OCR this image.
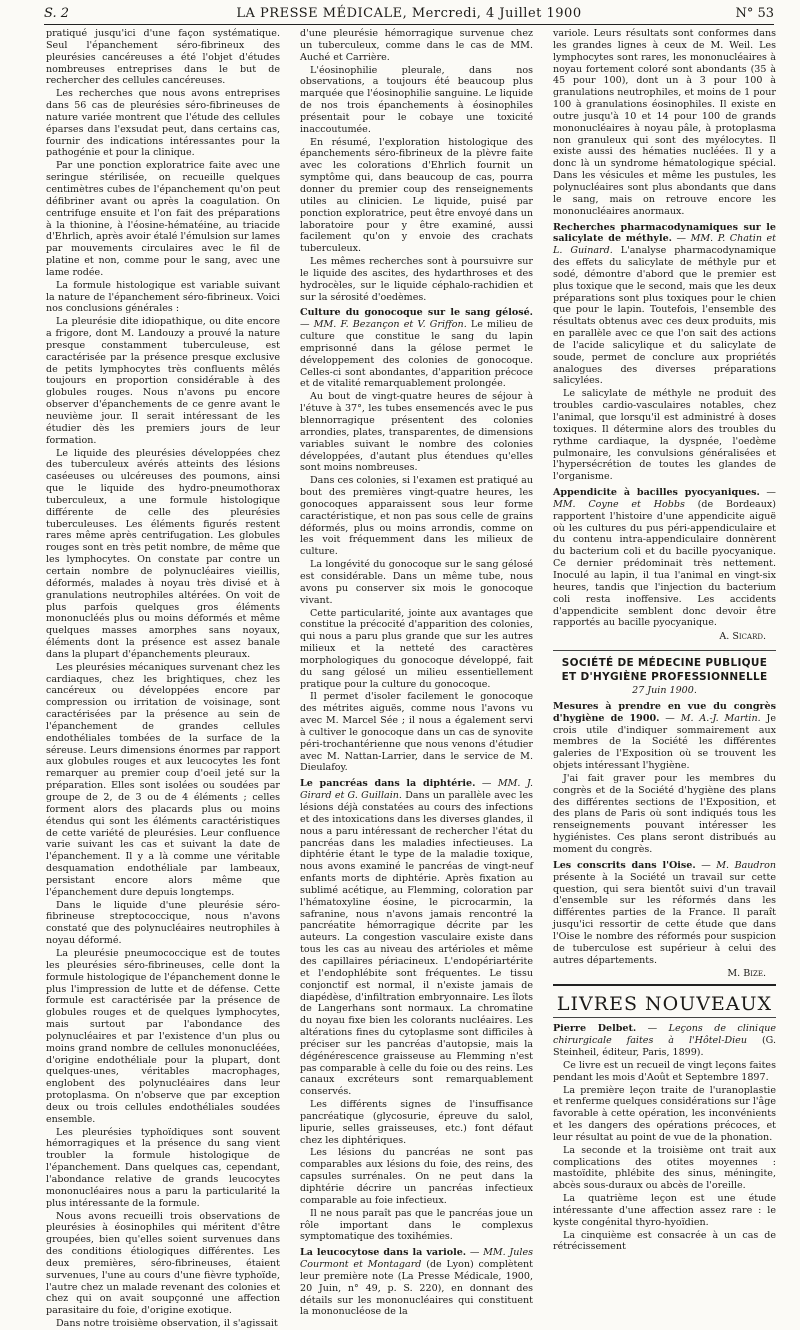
S. 2	LA PRESSE MÉDICALE, Mercredi, 4 Juillet 1900	N° 53

pratiqué jusqu'ici d'une façon systématique. Seul l'épanchement séro-fibrineux des pleurésies cancéreuses a été l'objet d'études nombreuses entreprises dans le but de rechercher des cellules cancéreuses.

Les recherches que nous avons entreprises dans 56 cas de pleurésies séro-fibrineuses de nature variée montrent que l'étude des cellules éparses dans l'exsudat peut, dans certains cas, fournir des indications intéressantes pour la pathogénie et pour la clinique.

Par une ponction exploratrice faite avec une seringue stérilisée, on recueille quelques centimètres cubes de l'épanchement qu'on peut défibriner avant ou après la coagulation. On centrifuge ensuite et l'on fait des préparations à la thionine, à l'éosine-hématéine, au triacide d'Ehrlich, après avoir étalé l'émulsion sur lames par mouvements circulaires avec le fil de platine et non, comme pour le sang, avec une lame rodée.

La formule histologique est variable suivant la nature de l'épanchement séro-fibrineux. Voici nos conclusions générales :

La pleurésie dite idiopathique, ou dite encore a frigore, dont M. Landouzy a prouvé la nature presque constamment tuberculeuse, est caractérisée par la présence presque exclusive de petits lymphocytes très confluents mêlés toujours en proportion considérable à des globules rouges. Nous n'avons pu encore observer d'épanchements de ce genre avant le neuvième jour. Il serait intéressant de les étudier dès les premiers jours de leur formation.

Le liquide des pleurésies développées chez des tuberculeux avérés atteints des lésions caséeuses ou ulcéreuses des poumons, ainsi que le liquide des hydro-pneumothorax tuberculeux, a une formule histologique différente de celle des pleurésies tuberculeuses. Les éléments figurés restent rares même après centrifugation. Les globules rouges sont en très petit nombre, de même que les lymphocytes. On constate par contre un certain nombre de polynucléaires vieillis, déformés, malades à noyau très divisé et à granulations neutrophiles altérées. On voit de plus parfois quelques gros éléments mononucléés plus ou moins déformés et même quelques masses amorphes sans noyaux, éléments dont la présence est assez banale dans la plupart d'épanchements pleuraux.

Les pleurésies mécaniques survenant chez les cardiaques, chez les brightiques, chez les cancéreux ou développées encore par compression ou irritation de voisinage, sont caractérisées par la présence au sein de l'épanchement de grandes cellules endothéliales tombées de la surface de la séreuse. Leurs dimensions énormes par rapport aux globules rouges et aux leucocytes les font remarquer au premier coup d'oeil jeté sur la préparation. Elles sont isolées ou soudées par groupe de 2, de 3 ou de 4 éléments ; celles forment alors des placards plus ou moins étendus qui sont les éléments caractéristiques de cette variété de pleurésies. Leur confluence varie suivant les cas et suivant la date de l'épanchement. Il y a là comme une véritable desquamation endothéliale par lambeaux, persistant encore alors même que l'épanchement dure depuis longtemps.

Dans le liquide d'une pleurésie séro-fibrineuse streptococcique, nous n'avons constaté que des polynucléaires neutrophiles à noyau déformé.

La pleurésie pneumococcique est de toutes les pleurésies séro-fibrineuses, celle dont la formule histologique de l'épanchement donne le plus l'impression de lutte et de défense. Cette formule est caractérisée par la présence de globules rouges et de quelques lymphocytes, mais surtout par l'abondance des polynucléaires et par l'existence d'un plus ou moins grand nombre de cellules mononucléées, d'origine endothéliale pour la plupart, dont quelques-unes, véritables macrophages, englobent des polynucléaires dans leur protoplasma. On n'observe que par exception deux ou trois cellules endothéliales soudées ensemble.

Les pleurésies typhoïdiques sont souvent hémorragiques et la présence du sang vient troubler la formule histologique de l'épanchement. Dans quelques cas, cependant, l'abondance relative de grands leucocytes mononucléaires nous a paru la particularité la plus intéressante de la formule.

Nous avons recueilli trois observations de pleurésies à éosinophiles qui méritent d'être groupées, bien qu'elles soient survenues dans des conditions étiologiques différentes. Les deux premières, séro-fibrineuses, étaient survenues, l'une au cours d'une fièvre typhoïde, l'autre chez un malade revenant des colonies et chez qui on avait soupçonné une affection parasitaire du foie, d'origine exotique.

Dans notre troisième observation, il s'agissait

d'une pleurésie hémorragique survenue chez un tuberculeux, comme dans le cas de MM. Auché et Carrière.

L'éosinophilie pleurale, dans nos observations, a toujours été beaucoup plus marquée que l'éosinophilie sanguine. Le liquide de nos trois épanchements à éosinophiles présentait pour le cobaye une toxicité inaccoutumée.

En résumé, l'exploration histologique des épanchements séro-fibrineux de la plèvre faite avec les colorations d'Ehrlich fournit un symptôme qui, dans beaucoup de cas, pourra donner du premier coup des renseignements utiles au clinicien. Le liquide, puisé par ponction exploratrice, peut être envoyé dans un laboratoire pour y être examiné, aussi facilement qu'on y envoie des crachats tuberculeux.

Les mêmes recherches sont à poursuivre sur le liquide des ascites, des hydarthroses et des hydrocèles, sur le liquide céphalo-rachidien et sur la sérosité d'oedèmes.

Culture du gonocoque sur le sang gélosé. — MM. F. Bezançon et V. Griffon. Le milieu de culture que constitue le sang du lapin emprisonné dans la gélose permet le développement des colonies de gonocoque. Celles-ci sont abondantes, d'apparition précoce et de vitalité remarquablement prolongée.

Au bout de vingt-quatre heures de séjour à l'étuve à 37°, les tubes ensemencés avec le pus blennorragique présentent des colonies arrondies, plates, transparentes, de dimensions variables suivant le nombre des colonies développées, d'autant plus étendues qu'elles sont moins nombreuses.

Dans ces colonies, si l'examen est pratiqué au bout des premières vingt-quatre heures, les gonocoques apparaissent sous leur forme caractéristique, et non pas sous celle de grains déformés, plus ou moins arrondis, comme on les voit fréquemment dans les milieux de culture.

La longévité du gonocoque sur le sang gélosé est considérable. Dans un même tube, nous avons pu conserver six mois le gonocoque vivant.

Cette particularité, jointe aux avantages que constitue la précocité d'apparition des colonies, qui nous a paru plus grande que sur les autres milieux et la netteté des caractères morphologiques du gonocoque développé, fait du sang gélosé un milieu essentiellement pratique pour la culture du gonocoque.

Il permet d'isoler facilement le gonocoque des métrites aiguës, comme nous l'avons vu avec M. Marcel Sée ; il nous a également servi à cultiver le gonocoque dans un cas de synovite péri-trochantérienne que nous venons d'étudier avec M. Nattan-Larrier, dans le service de M. Dieulafoy.

Le pancréas dans la diphtérie. — MM. J. Girard et G. Guillain. Dans un parallèle avec les lésions déjà constatées au cours des infections et des intoxications dans les diverses glandes, il nous a paru intéressant de rechercher l'état du pancréas dans les maladies infectieuses. La diphtérie étant le type de la maladie toxique, nous avons examiné le pancréas de vingt-neuf enfants morts de diphtérie. Après fixation au sublimé acétique, au Flemming, coloration par l'hématoxyline éosine, le picrocarmin, la safranine, nous n'avons jamais rencontré la pancréatite hémorragique décrite par les auteurs. La congestion vasculaire existe dans tous les cas au niveau des artérioles et même des capillaires périacineux. L'endopériartérite et l'endophlébite sont fréquentes. Le tissu conjonctif est normal, il n'existe jamais de diapédèse, d'infiltration embryonnaire. Les îlots de Langerhans sont normaux. La chromatine du noyau fixe bien les colorants nucléaires. Les altérations fines du cytoplasme sont difficiles à préciser sur les pancréas d'autopsie, mais la dégénérescence graisseuse au Flemming n'est pas comparable à celle du foie ou des reins. Les canaux excréteurs sont remarquablement conservés.

Les différents signes de l'insuffisance pancréatique (glycosurie, épreuve du salol, lipurie, selles graisseuses, etc.) font défaut chez les diphtériques.

Les lésions du pancréas ne sont pas comparables aux lésions du foie, des reins, des capsules surrénales. On ne peut dans la diphtérie décrire un pancréas infectieux comparable au foie infectieux.

Il ne nous paraît pas que le pancréas joue un rôle important dans le complexus symptomatique des toxihémies.

La leucocytose dans la variole. — MM. Jules Courmont et Montagard (de Lyon) complètent leur première note (La Presse Médicale, 1900, 20 Juin, n° 49, p. S. 220), en donnant des détails sur les mononucléaires qui constituent la mononucléose de la

variole. Leurs résultats sont conformes dans les grandes lignes à ceux de M. Weil. Les lymphocytes sont rares, les mononucléaires à noyau fortement coloré sont abondants (35 à 45 pour 100), dont un à 3 pour 100 à granulations neutrophiles, et moins de 1 pour 100 à granulations éosinophiles. Il existe en outre jusqu'à 10 et 14 pour 100 de grands mononucléaires à noyau pâle, à protoplasma non granuleux qui sont des myélocytes. Il existe aussi des hématies nucléées. Il y a donc là un syndrome hématologique spécial. Dans les vésicules et même les pustules, les polynucléaires sont plus abondants que dans le sang, mais on retrouve encore les mononucléaires anormaux.

Recherches pharmacodynamiques sur le salicylate de méthyle. — MM. P. Chatin et L. Guinard. L'analyse pharmacodynamique des effets du salicylate de méthyle pur et sodé, démontre d'abord que le premier est plus toxique que le second, mais que les deux préparations sont plus toxiques pour le chien que pour le lapin. Toutefois, l'ensemble des résultats obtenus avec ces deux produits, mis en parallèle avec ce que l'on sait des actions de l'acide salicylique et du salicylate de soude, permet de conclure aux propriétés analogues des diverses préparations salicylées.

Le salicylate de méthyle ne produit des troubles cardio-vasculaires notables, chez l'animal, que lorsqu'il est administré à doses toxiques. Il détermine alors des troubles du rythme cardiaque, la dyspnée, l'oedème pulmonaire, les convulsions généralisées et l'hypersécrétion de toutes les glandes de l'organisme.

Appendicite à bacilles pyocyaniques. — MM. Coyne et Hobbs (de Bordeaux) rapportent l'histoire d'une appendicite aiguë où les cultures du pus péri-appendiculaire et du contenu intra-appendiculaire donnèrent du bacterium coli et du bacille pyocyanique. Ce dernier prédominait très nettement. Inoculé au lapin, il tua l'animal en vingt-six heures, tandis que l'injection du bacterium coli resta inoffensive. Les accidents d'appendicite semblent donc devoir être rapportés au bacille pyocyanique.

A. Sicard.

SOCIÉTÉ DE MÉDECINE PUBLIQUE ET D'HYGIÈNE PROFESSIONNELLE

27 Juin 1900.

Mesures à prendre en vue du congrès d'hygiène de 1900. — M. A.-J. Martin. Je crois utile d'indiquer sommairement aux membres de la Société les différentes galeries de l'Exposition où se trouvent les objets intéressant l'hygiène.

J'ai fait graver pour les membres du congrès et de la Société d'hygiène des plans des différentes sections de l'Exposition, et des plans de Paris où sont indiqués tous les renseignements pouvant intéresser les hygiénistes. Ces plans seront distribués au moment du congrès.

Les conscrits dans l'Oise. — M. Baudron présente à la Société un travail sur cette question, qui sera bientôt suivi d'un travail d'ensemble sur les réformés dans les différentes parties de la France. Il paraît jusqu'ici ressortir de cette étude que dans l'Oise le nombre des réformés pour suspicion de tuberculose est supérieur à celui des autres départements.

M. Bize.

LIVRES NOUVEAUX

Pierre Delbet. — Leçons de clinique chirurgicale faites à l'Hôtel-Dieu (G. Steinheil, éditeur, Paris, 1899).

Ce livre est un recueil de vingt leçons faites pendant les mois d'Août et Septembre 1897.

La première leçon traite de l'uranoplastie et renferme quelques considérations sur l'âge favorable à cette opération, les inconvénients et les dangers des opérations précoces, et leur résultat au point de vue de la phonation.

La seconde et la troisième ont trait aux complications des otites moyennes : mastoïdite, phlébite des sinus, méningite, abcès sous-duraux ou abcès de l'oreille.

La quatrième leçon est une étude intéressante d'une affection assez rare : le kyste congénital thyro-hyoïdien.

La cinquième est consacrée à un cas de rétrécissement
